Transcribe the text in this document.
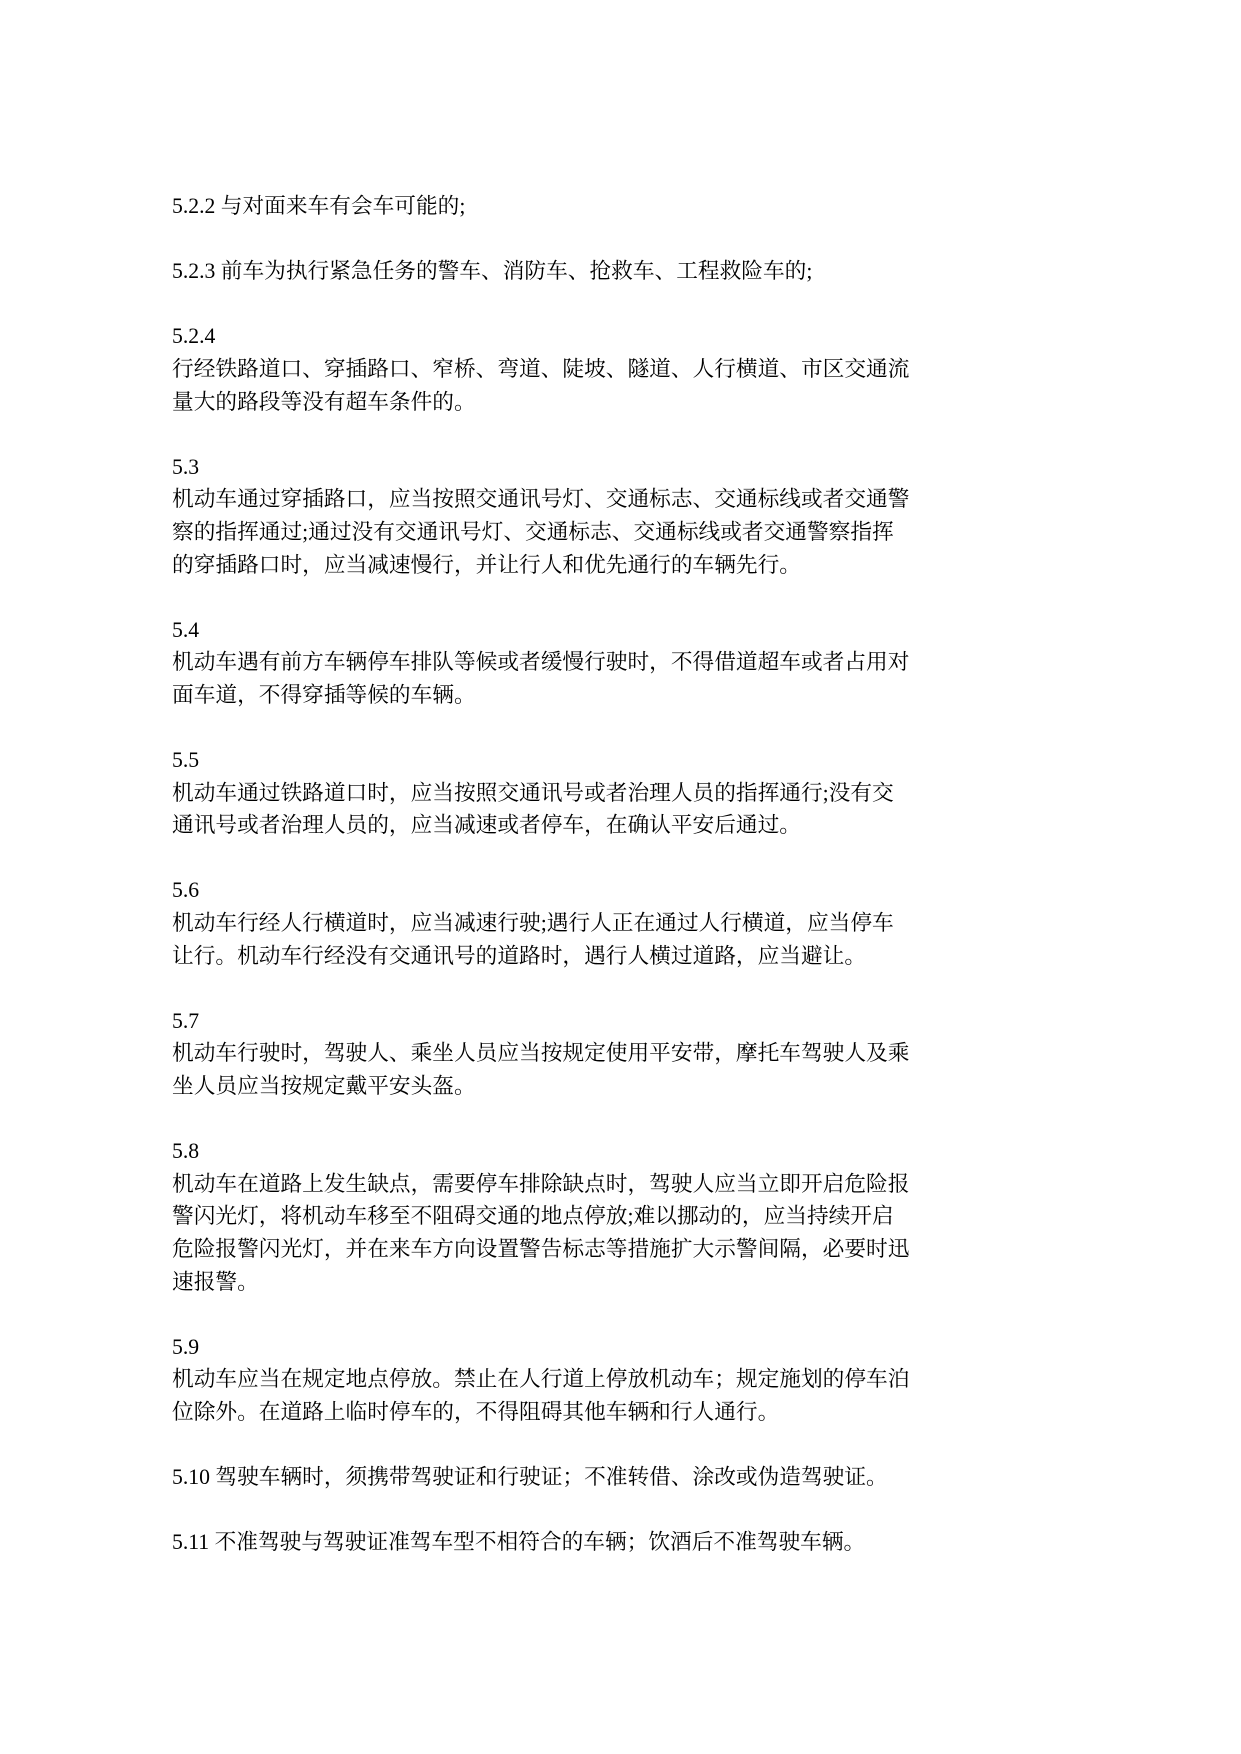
5.2.2 与对面来车有会车可能的;
5.2.3 前车为执行紧急任务的警车、消防车、抢救车、工程救险车的;
5.2.4
行经铁路道口、穿插路口、窄桥、弯道、陡坡、隧道、人行横道、市区交通流
量大的路段等没有超车条件的。
5.3
机动车通过穿插路口，应当按照交通讯号灯、交通标志、交通标线或者交通警
察的指挥通过;通过没有交通讯号灯、交通标志、交通标线或者交通警察指挥
的穿插路口时，应当减速慢行，并让行人和优先通行的车辆先行。
5.4
机动车遇有前方车辆停车排队等候或者缓慢行驶时，不得借道超车或者占用对
面车道，不得穿插等候的车辆。
5.5
机动车通过铁路道口时，应当按照交通讯号或者治理人员的指挥通行;没有交
通讯号或者治理人员的，应当减速或者停车，在确认平安后通过。
5.6
机动车行经人行横道时，应当减速行驶;遇行人正在通过人行横道，应当停车
让行。机动车行经没有交通讯号的道路时，遇行人横过道路，应当避让。
5.7
机动车行驶时，驾驶人、乘坐人员应当按规定使用平安带，摩托车驾驶人及乘
坐人员应当按规定戴平安头盔。
5.8
机动车在道路上发生缺点，需要停车排除缺点时，驾驶人应当立即开启危险报
警闪光灯，将机动车移至不阻碍交通的地点停放;难以挪动的，应当持续开启
危险报警闪光灯，并在来车方向设置警告标志等措施扩大示警间隔，必要时迅
速报警。
5.9
机动车应当在规定地点停放。禁止在人行道上停放机动车；规定施划的停车泊
位除外。在道路上临时停车的，不得阻碍其他车辆和行人通行。
5.10 驾驶车辆时，须携带驾驶证和行驶证；不准转借、涂改或伪造驾驶证。
5.11 不准驾驶与驾驶证准驾车型不相符合的车辆；饮酒后不准驾驶车辆。
